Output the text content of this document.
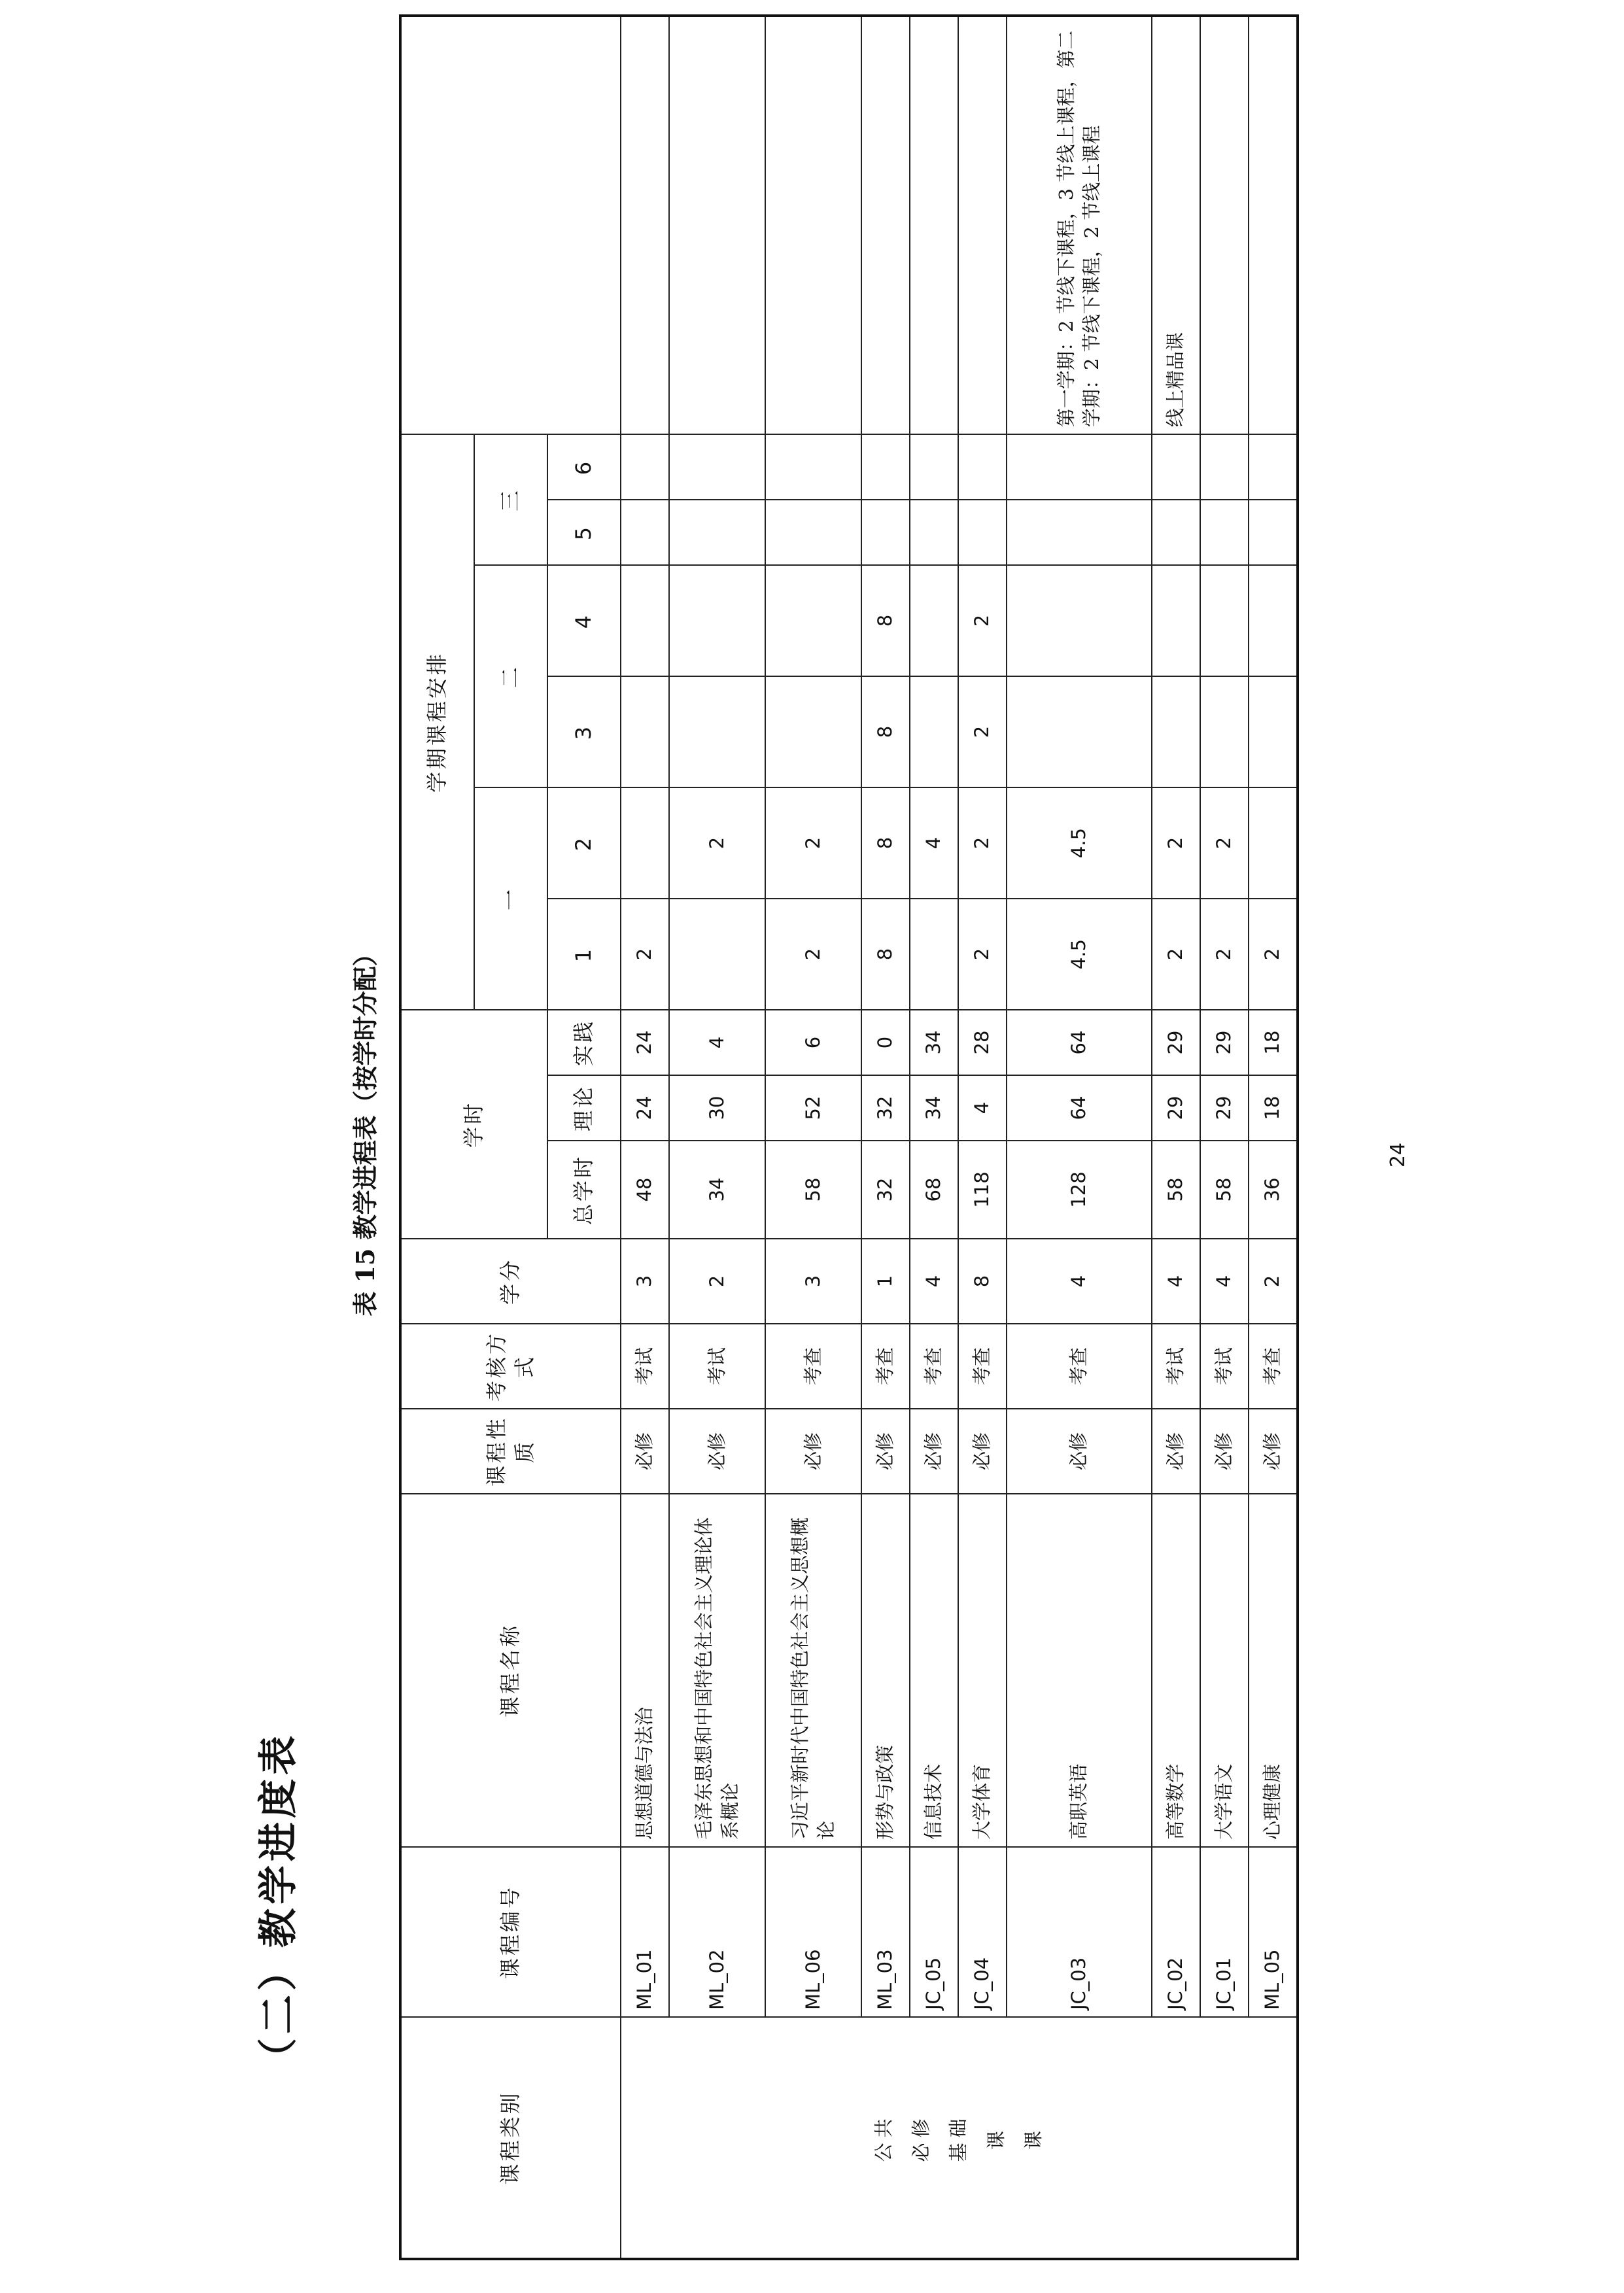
（二）教学进度表
表 15 教学进程表（按学时分配）
课程类别	课程编号	课程名称	课程性质	考核方式	学分	学时			学期课程安排						
									一		二		三		
						总学时	理论	实践	1	2	3	4	5	6	

公共 必修 基础 课 课	ML_01	思想道德与法治	必修	考试	3	48	24	24	2						
	ML_02	毛泽东思想和中国特色社会主义理论体系概论	必修	考试	2	34	30	4		2					
	ML_06	习近平新时代中国特色社会主义思想概论	必修	考查	3	58	52	6	2	2					
	ML_03	形势与政策	必修	考查	1	32	32	0	8	8	8	8			
	JC_05	信息技术	必修	考查	4	68	34	34		4					
	JC_04	大学体育	必修	考查	8	118	4	28	2	2	2	2			
	JC_03	高职英语	必修	考查	4	128	64	64	4.5	4.5					第一学期：2 节线下课程，3 节线上课程，第二学期：2 节线下课程，2 节线上课程
	JC_02	高等数学	必修	考试	4	58	29	29	2	2					线上精品课
	JC_01	大学语文	必修	考试	4	58	29	29	2	2					
	ML_05	心理健康	必修	考查	2	36	18	18	2						
24
